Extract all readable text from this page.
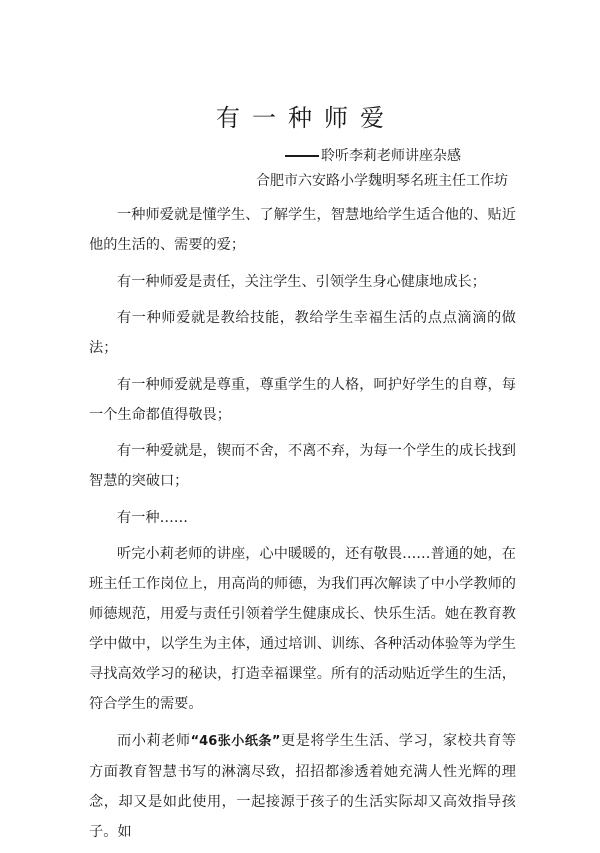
有一种师爱
聆听李莉老师讲座杂感
合肥市六安路小学魏明琴名班主任工作坊

一种师爱就是懂学生、了解学生，智慧地给学生适合他的、贴近他的生活的、需要的爱；

有一种师爱是责任，关注学生、引领学生身心健康地成长；

有一种师爱就是教给技能，教给学生幸福生活的点点滴滴的做法；

有一种师爱就是尊重，尊重学生的人格，呵护好学生的自尊，每一个生命都值得敬畏；

有一种爱就是，锲而不舍，不离不弃，为每一个学生的成长找到智慧的突破口；

有一种……

听完小莉老师的讲座，心中暖暖的，还有敬畏……普通的她，在班主任工作岗位上，用高尚的师德，为我们再次解读了中小学教师的师德规范，用爱与责任引领着学生健康成长、快乐生活。她在教育教学中做中，以学生为主体，通过培训、训练、各种活动体验等为学生寻找高效学习的秘诀，打造幸福课堂。所有的活动贴近学生的生活，符合学生的需要。

而小莉老师“46张小纸条”更是将学生生活、学习，家校共育等方面教育智慧书写的淋漓尽致，招招都渗透着她充满人性光辉的理念，却又是如此使用，一起接源于孩子的生活实际却又高效指导孩子。如
